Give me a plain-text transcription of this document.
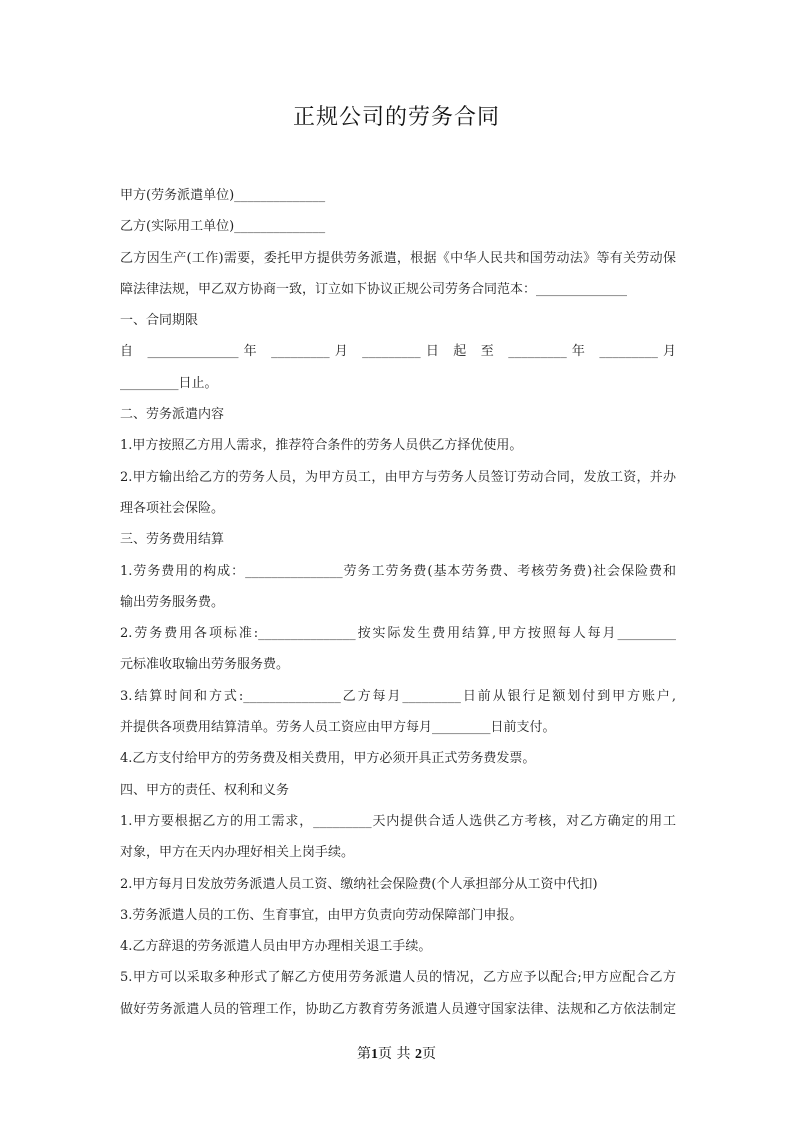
正规公司的劳务合同

甲方(劳务派遣单位)______________

乙方(实际用工单位)______________

乙方因生产(工作)需要，委托甲方提供劳务派遣，根据《中华人民共和国劳动法》等有关劳动保

障法律法规，甲乙双方协商一致，订立如下协议正规公司劳务合同范本：______________

一、合同期限

自 ______________年 _________月 _________日 起 至 _________年 _________月

_________日止。

二、劳务派遣内容

1.甲方按照乙方用人需求，推荐符合条件的劳务人员供乙方择优使用。

2.甲方输出给乙方的劳务人员，为甲方员工，由甲方与劳务人员签订劳动合同，发放工资，并办

理各项社会保险。

三、劳务费用结算

1.劳务费用的构成：_______________劳务工劳务费(基本劳务费、考核劳务费)社会保险费和

输出劳务服务费。

2.劳务费用各项标准:_______________按实际发生费用结算,甲方按照每人每月_________

元标准收取输出劳务服务费。

3.结算时间和方式:_______________乙方每月_________日前从银行足额划付到甲方账户,

并提供各项费用结算清单。劳务人员工资应由甲方每月_________日前支付。

4.乙方支付给甲方的劳务费及相关费用，甲方必须开具正式劳务费发票。

四、甲方的责任、权利和义务

1.甲方要根据乙方的用工需求，_________天内提供合适人选供乙方考核，对乙方确定的用工

对象，甲方在天内办理好相关上岗手续。

2.甲方每月日发放劳务派遣人员工资、缴纳社会保险费(个人承担部分从工资中代扣)

3.劳务派遣人员的工伤、生育事宜，由甲方负责向劳动保障部门申报。

4.乙方辞退的劳务派遣人员由甲方办理相关退工手续。

5.甲方可以采取多种形式了解乙方使用劳务派遣人员的情况，乙方应予以配合;甲方应配合乙方

做好劳务派遣人员的管理工作，协助乙方教育劳务派遣人员遵守国家法律、法规和乙方依法制定

第1页 共 2页
